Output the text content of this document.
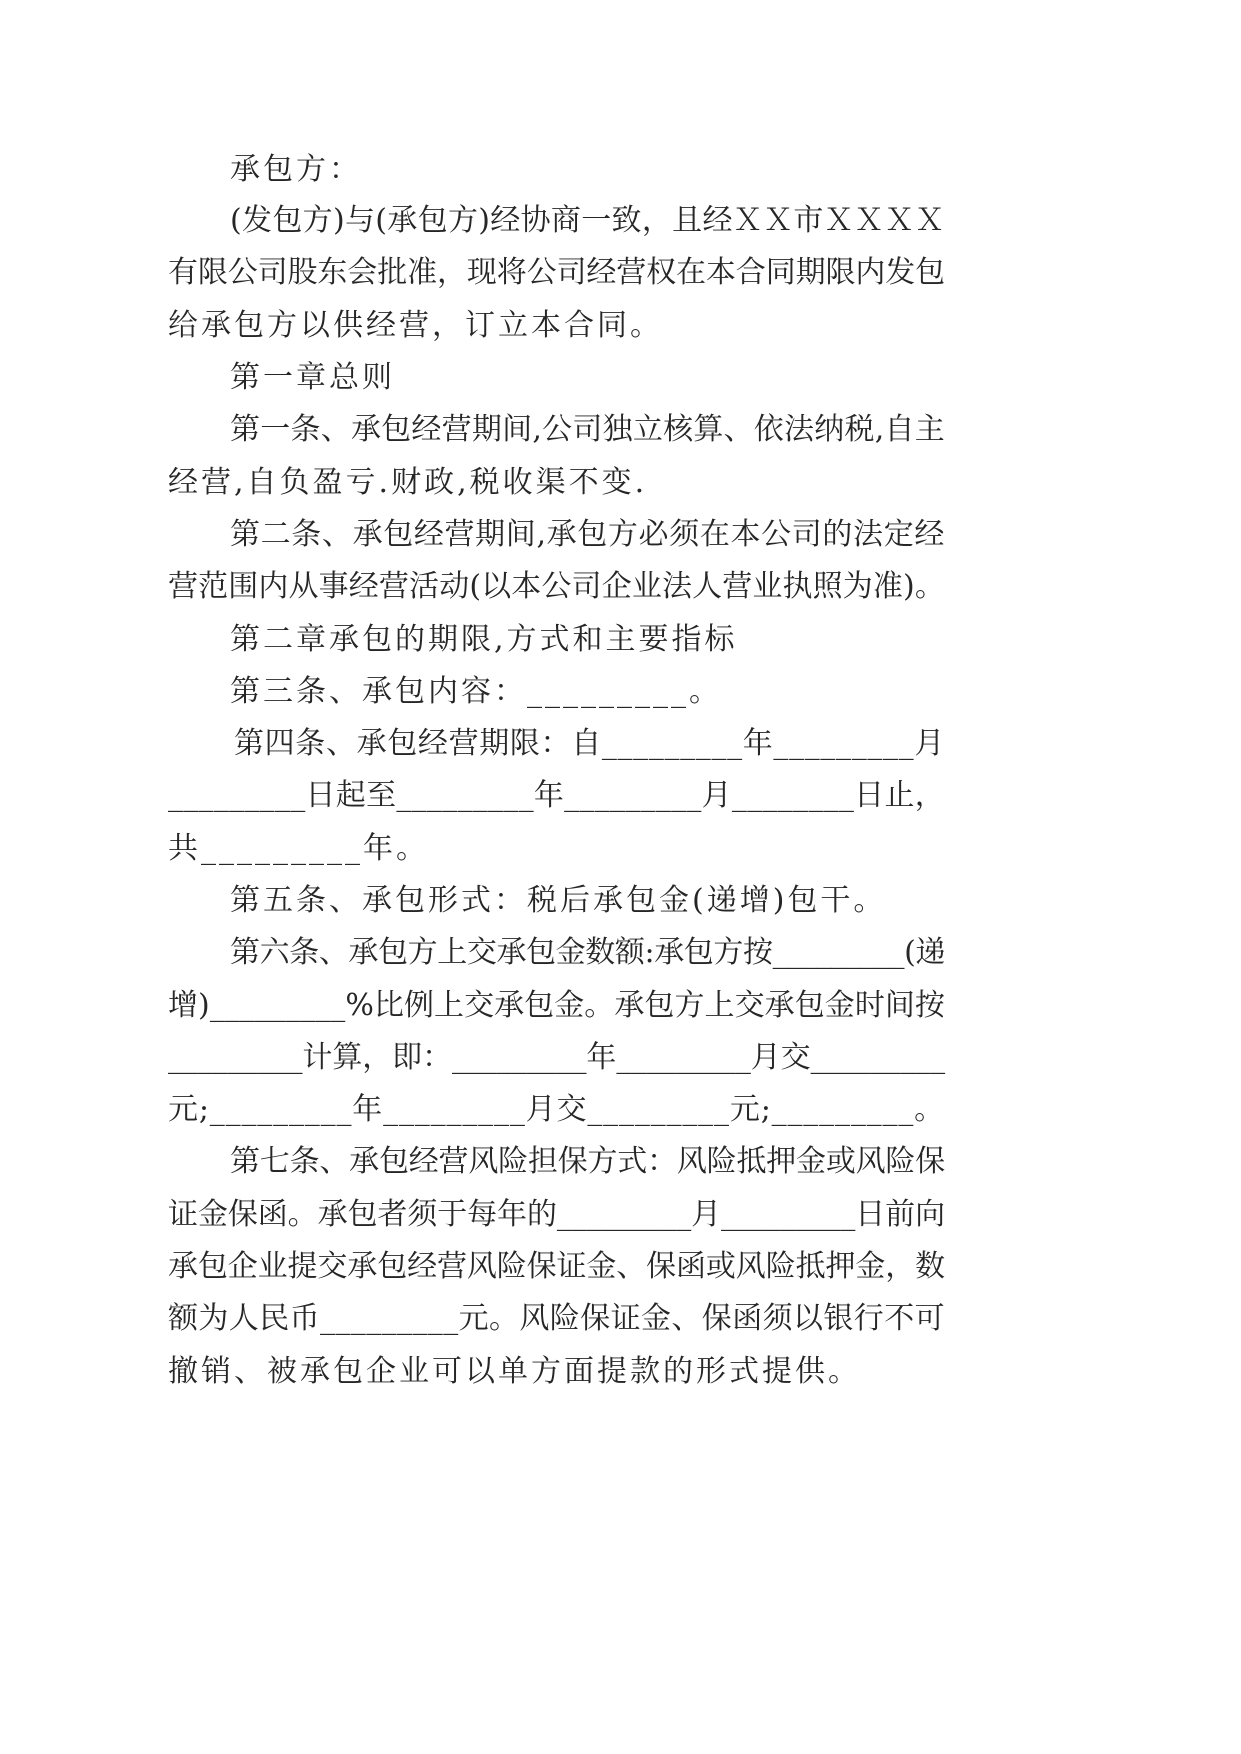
承包方：

(发包方)与(承包方)经协商一致，且经ＸＸ市ＸＸＸＸ

有限公司股东会批准，现将公司经营权在本合同期限内发包

给承包方以供经营，订立本合同。

第一章总则

第一条、承包经营期间,公司独立核算、依法纳税,自主

经营,自负盈亏.财政,税收渠不变.

第二条、承包经营期间,承包方必须在本公司的法定经

营范围内从事经营活动(以本公司企业法人营业执照为准)。

第二章承包的期限,方式和主要指标

第三条、承包内容：_________。

第四条、承包经营期限：自_________年_________月

_________日起至_________年_________月________日止，

共_________年。

第五条、承包形式：税后承包金(递增)包干。

第六条、承包方上交承包金数额:承包方按_________(递

增)_________%比例上交承包金。承包方上交承包金时间按

_________计算，即：_________年_________月交_________

元;_________年_________月交_________元;_________。

第七条、承包经营风险担保方式：风险抵押金或风险保

证金保函。承包者须于每年的_________月_________日前向

承包企业提交承包经营风险保证金、保函或风险抵押金，数

额为人民币_________元。风险保证金、保函须以银行不可

撤销、被承包企业可以单方面提款的形式提供。
